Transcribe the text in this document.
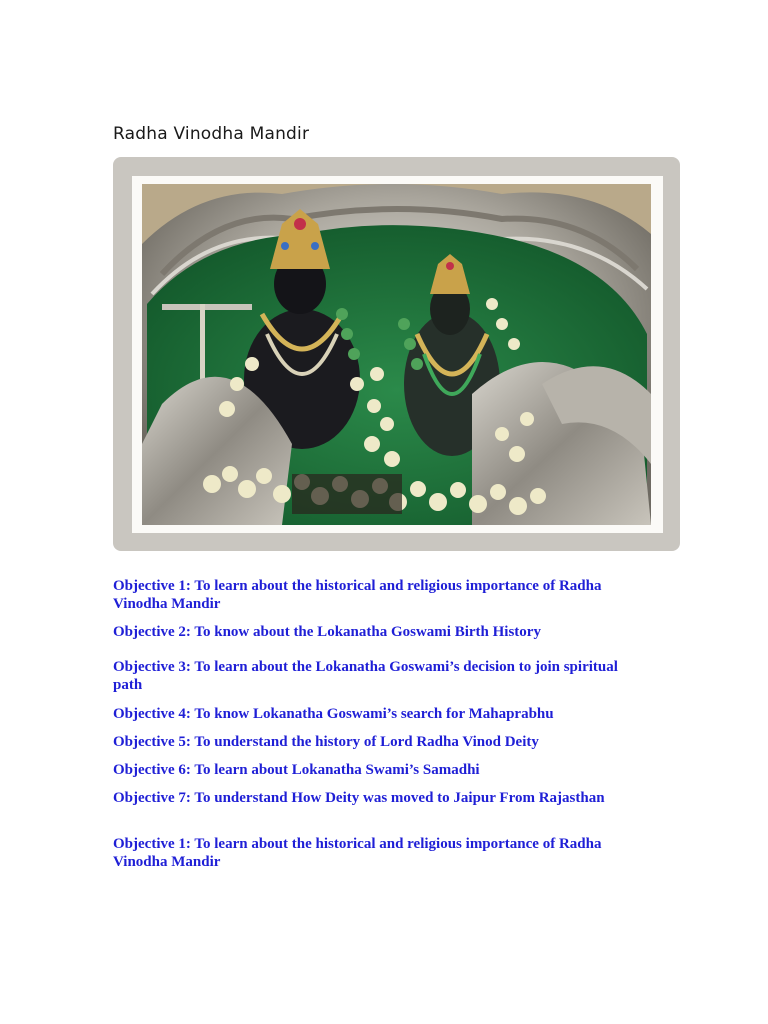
Radha Vinodha Mandir

Objective 1: To learn about the historical and religious importance of Radha Vinodha Mandir

Objective 2: To know about the Lokanatha Goswami Birth History

Objective 3: To learn about the Lokanatha Goswami’s decision to join spiritual path

Objective 4: To know Lokanatha Goswami’s search for Mahaprabhu

Objective 5: To understand the history of Lord Radha Vinod Deity

Objective 6: To learn about Lokanatha Swami’s Samadhi

Objective 7: To understand How Deity was moved to Jaipur From Rajasthan

Objective 1: To learn about the historical and religious importance of Radha Vinodha Mandir
